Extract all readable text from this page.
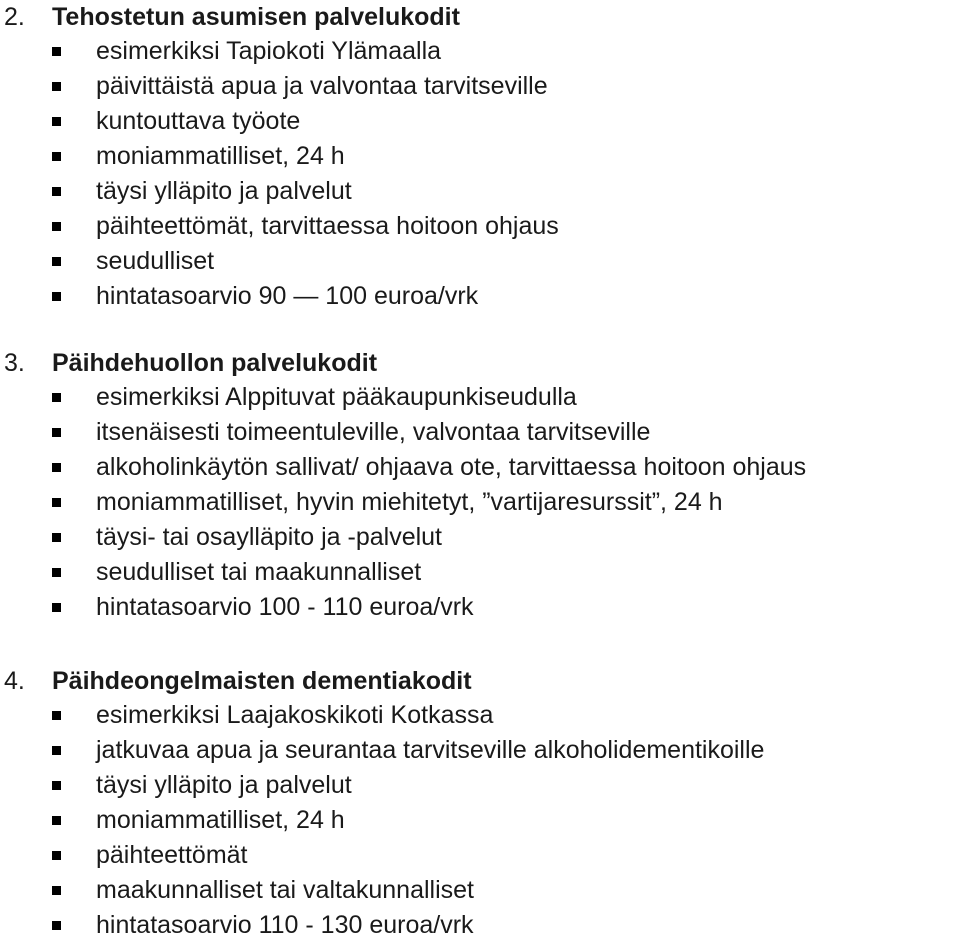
2. Tehostetun asumisen palvelukodit
esimerkiksi Tapiokoti Ylämaalla
päivittäistä apua ja valvontaa tarvitseville
kuntouttava työote
moniammatilliset, 24 h
täysi ylläpito ja palvelut
päihteettömät, tarvittaessa hoitoon ohjaus
seudulliset
hintatasoarvio 90 — 100 euroa/vrk
3. Päihdehuollon palvelukodit
esimerkiksi Alppituvat pääkaupunkiseudulla
itsenäisesti toimeentuleville, valvontaa tarvitseville
alkoholinkäytön sallivat/ ohjaava ote, tarvittaessa hoitoon ohjaus
moniammatilliset, hyvin miehitetyt, ”vartijaresurssit”, 24 h
täysi- tai osaylläpito ja -palvelut
seudulliset tai maakunnalliset
hintatasoarvio 100 - 110 euroa/vrk
4. Päihdeongelmaisten dementiakodit
esimerkiksi Laajakoskikoti Kotkassa
jatkuvaa apua ja seurantaa tarvitseville alkoholidementikoille
täysi ylläpito ja palvelut
moniammatilliset, 24 h
päihteettömät
maakunnalliset tai valtakunnalliset
hintatasoarvio 110 - 130 euroa/vrk
